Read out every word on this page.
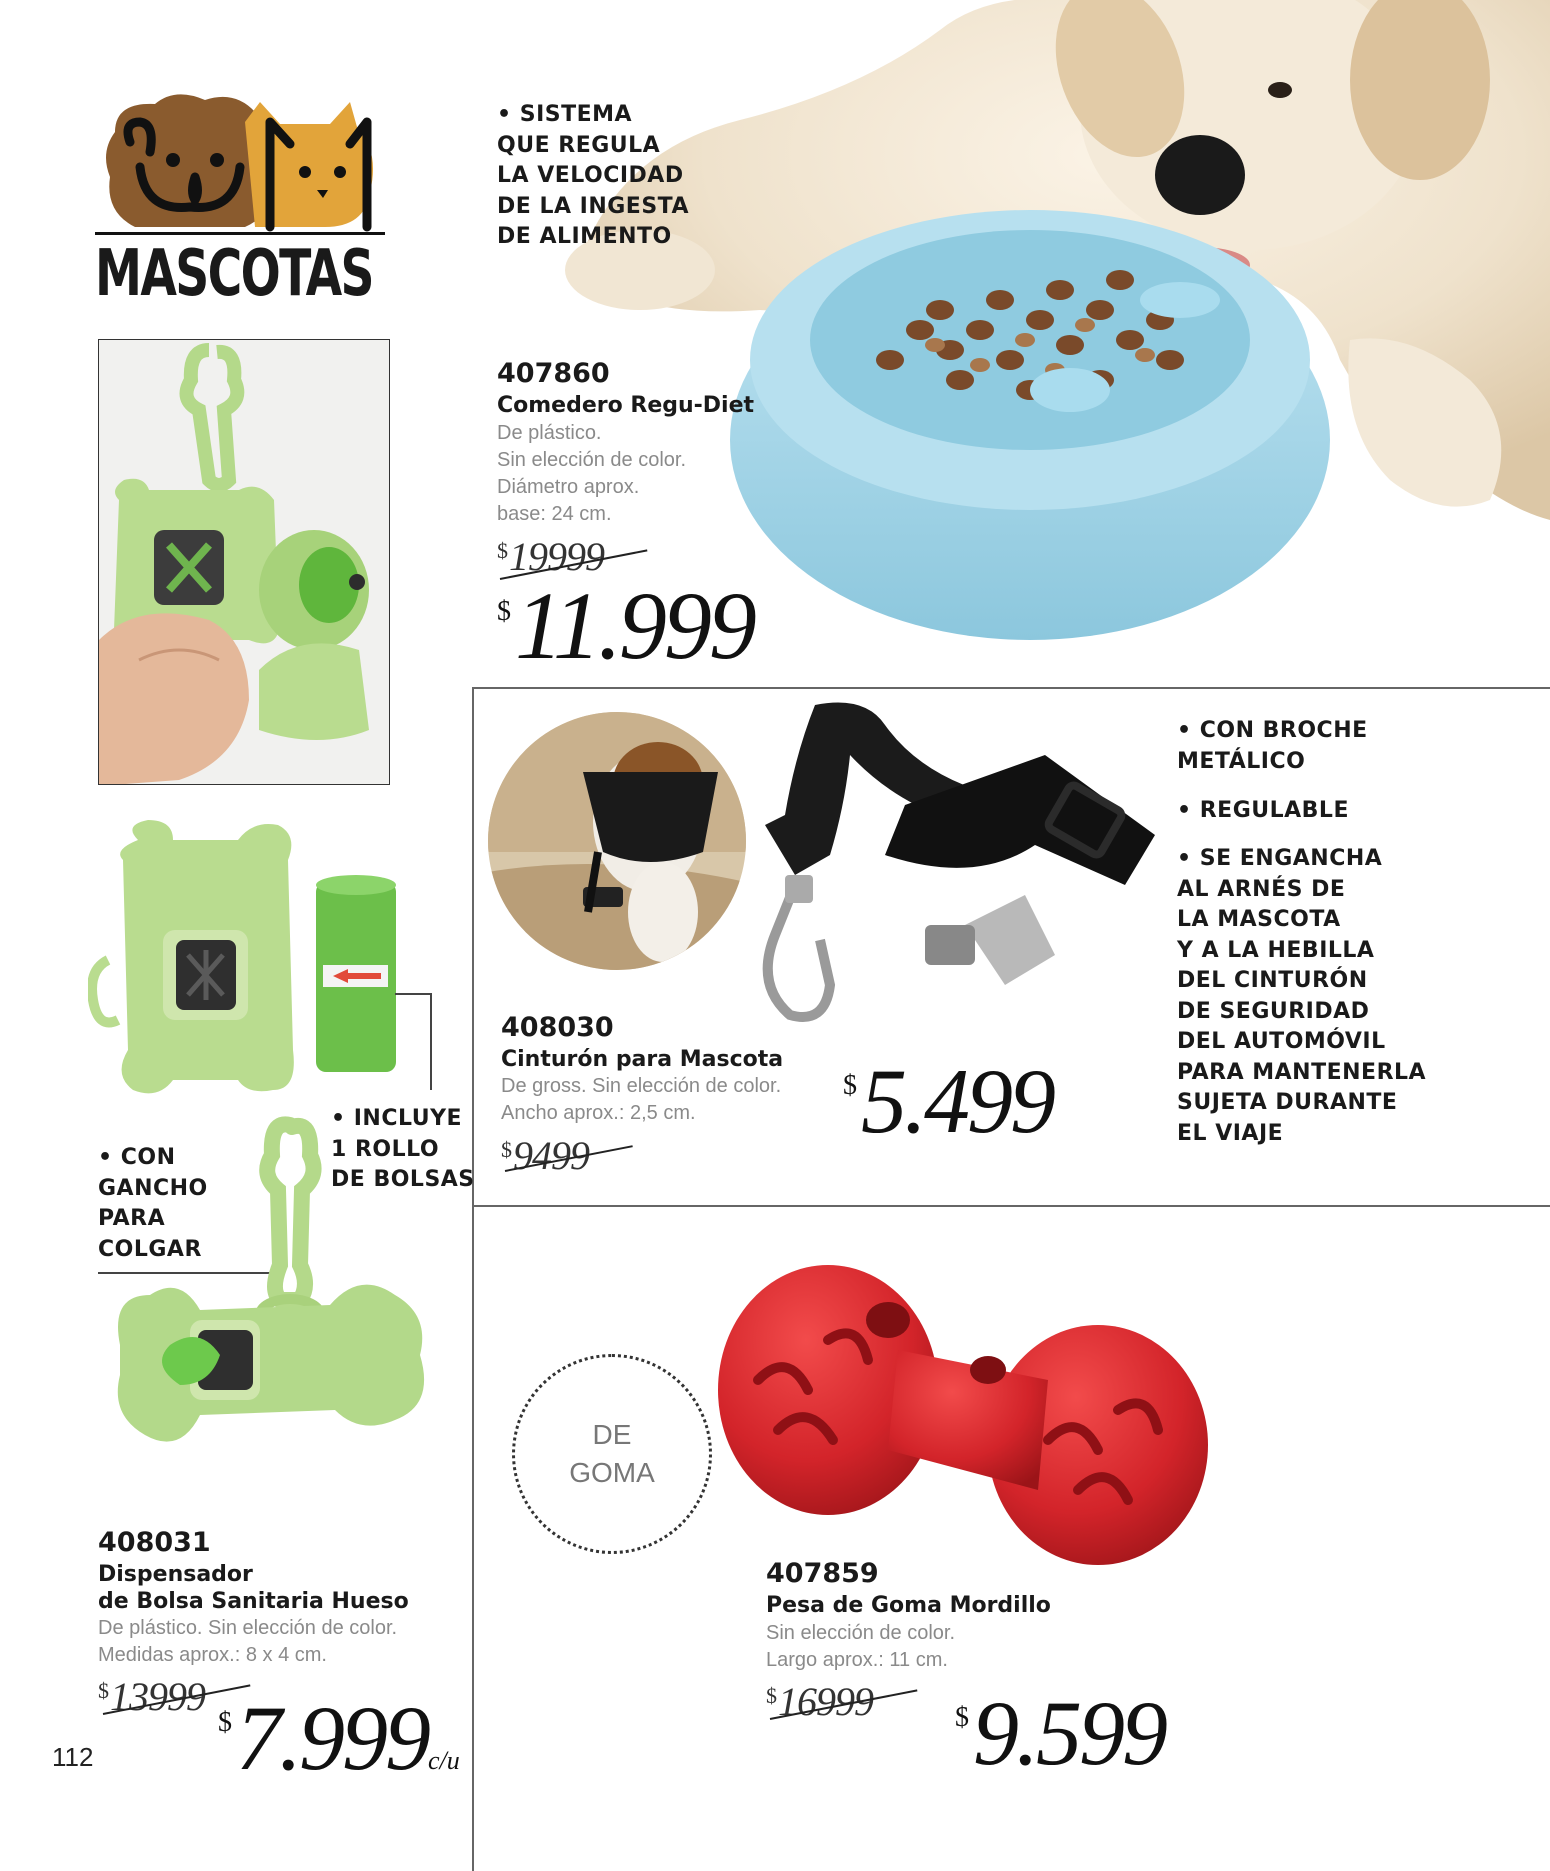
MASCOTAS
• SISTEMA
QUE REGULA
LA VELOCIDAD
DE LA INGESTA
DE ALIMENTO
407860
Comedero Regu-Diet
De plástico.
Sin elección de color.
Diámetro aprox.
base: 24 cm.
$19999
$11.999
• CON BROCHE
METÁLICO
• REGULABLE
• SE ENGANCHA
AL ARNÉS DE
LA MASCOTA
Y A LA HEBILLA
DEL CINTURÓN
DE SEGURIDAD
DEL AUTOMÓVIL
PARA MANTENERLA
SUJETA DURANTE
EL VIAJE
408030
Cinturón para Mascota
De gross. Sin elección de color.
Ancho aprox.: 2,5 cm.
$9499
$5.499
• INCLUYE
1 ROLLO
DE BOLSAS
• CON
GANCHO
PARA
COLGAR
408031
Dispensador
de Bolsa Sanitaria Hueso
De plástico. Sin elección de color.
Medidas aprox.: 8 x 4 cm.
$13999
$7.999c/u
112
DE
GOMA
407859
Pesa de Goma Mordillo
Sin elección de color.
Largo aprox.: 11 cm.
$16999	$9.599
